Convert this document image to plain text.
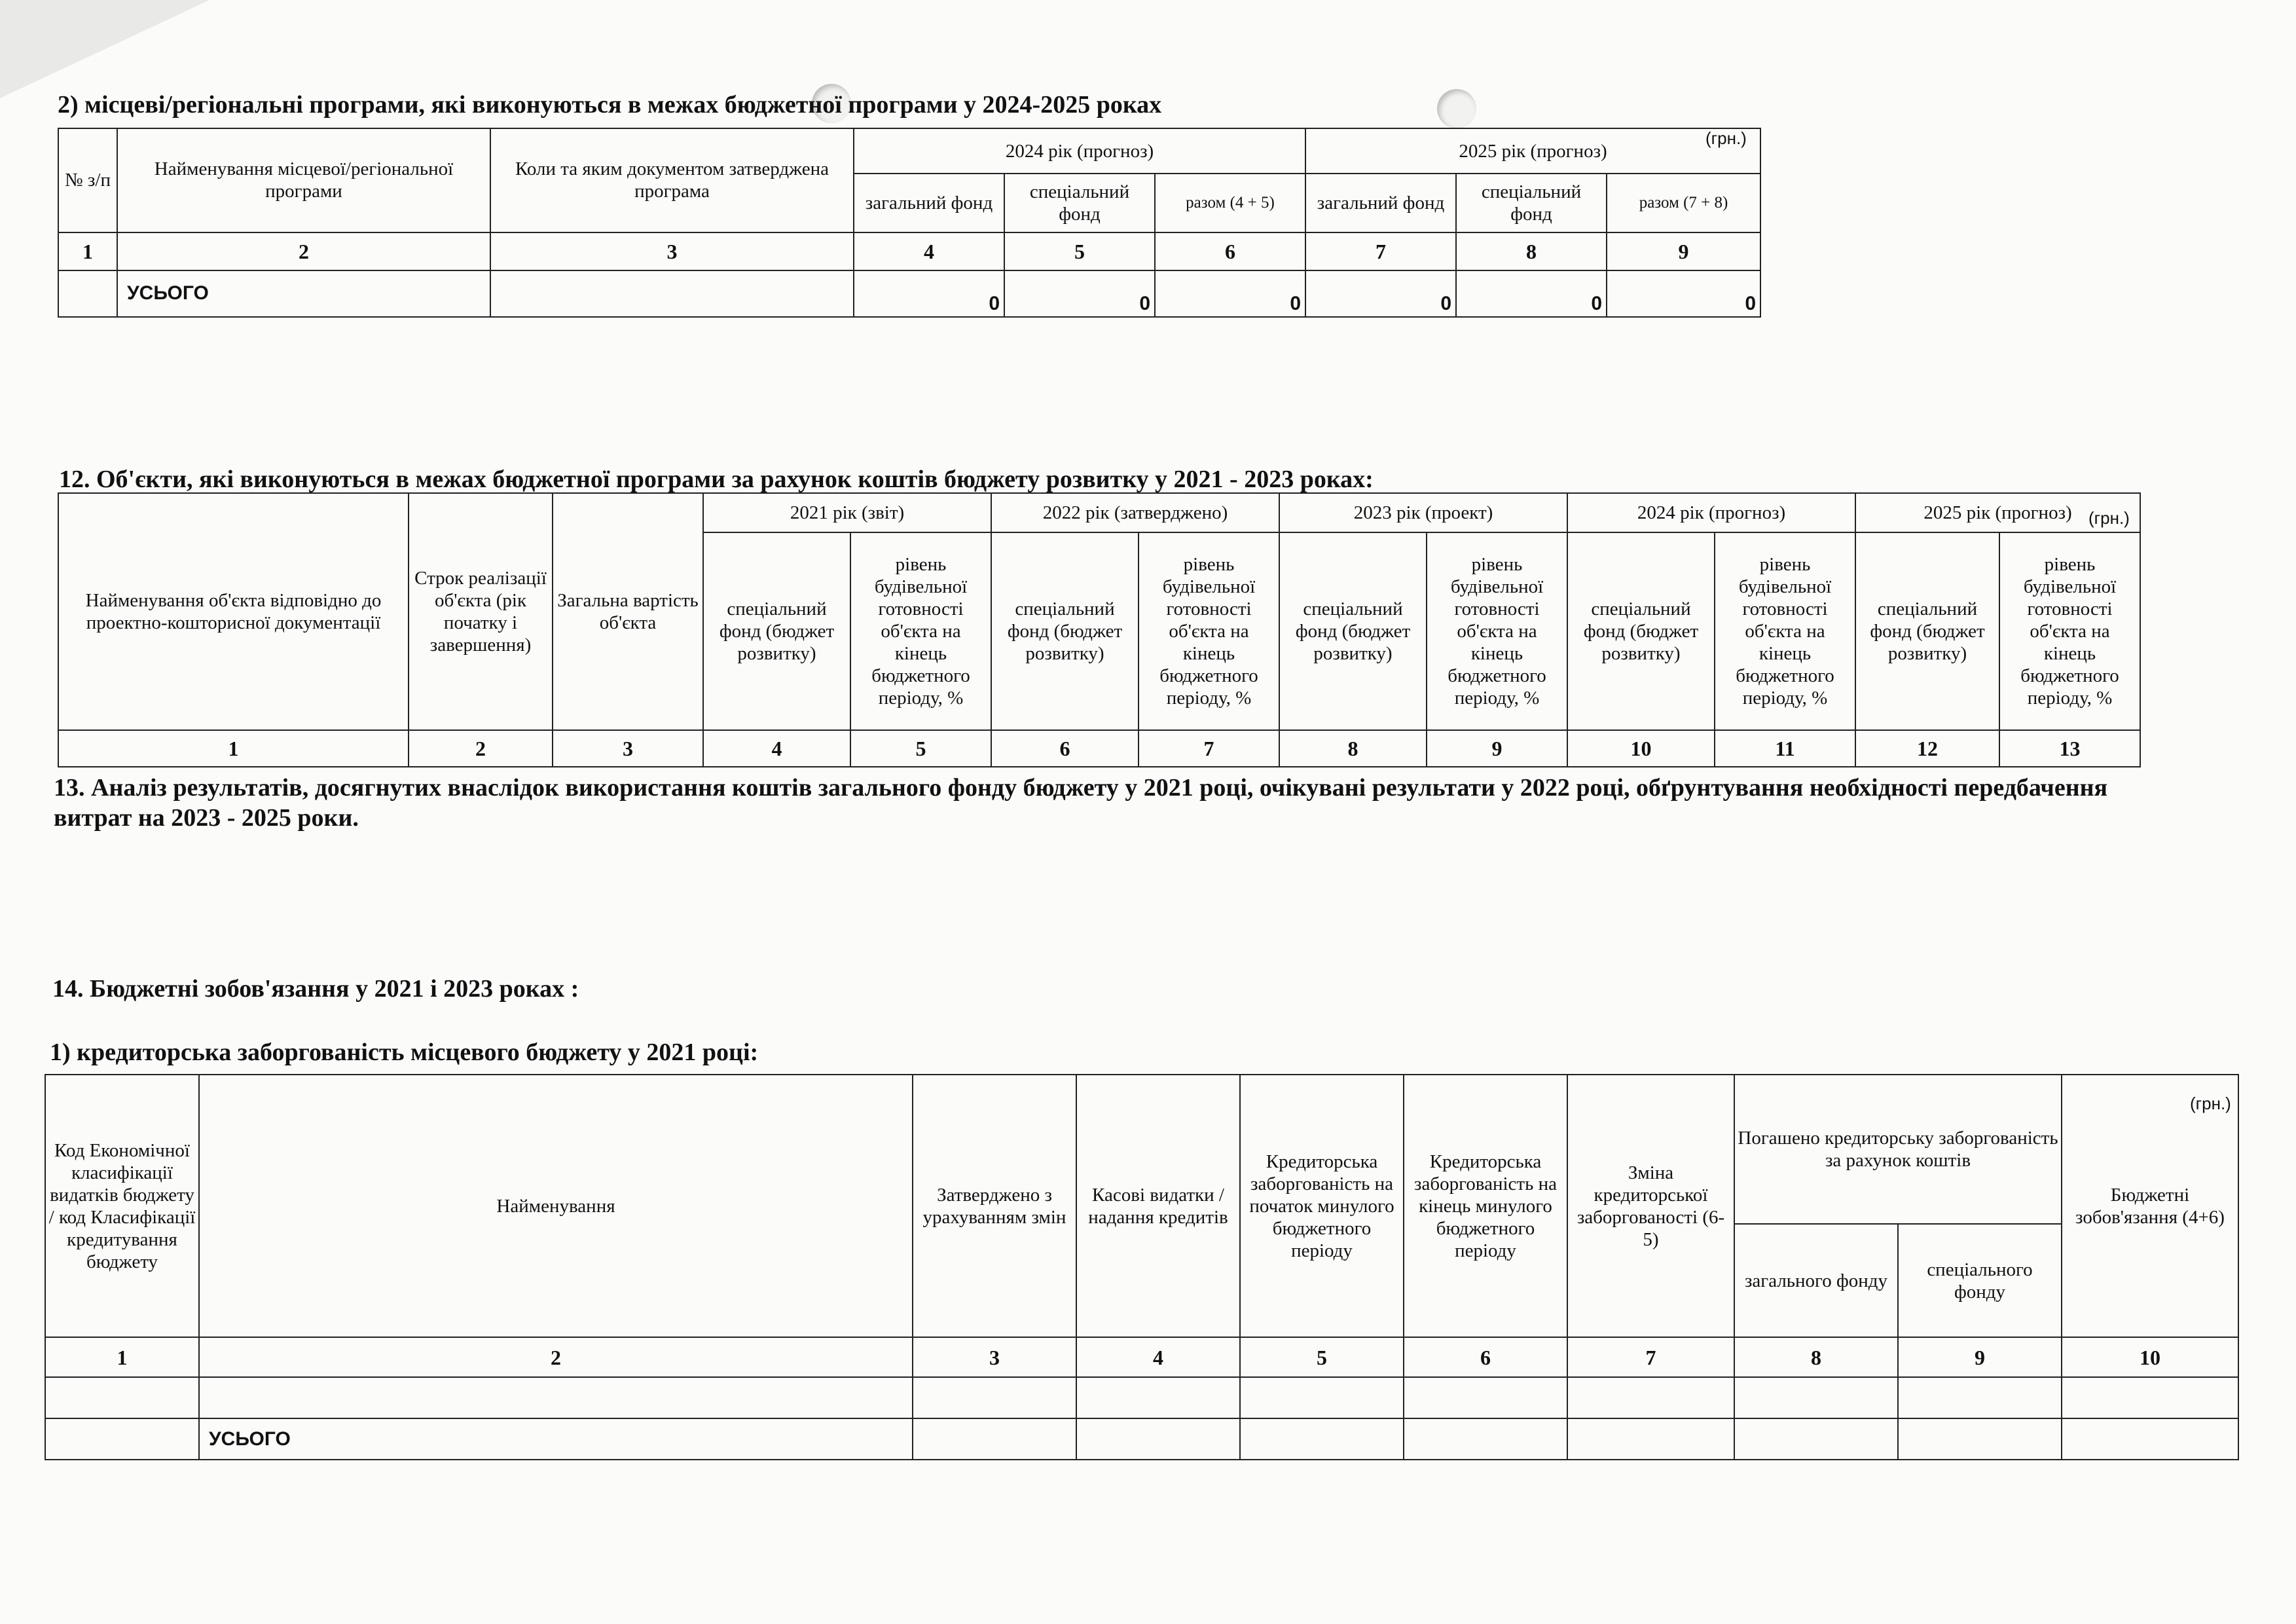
2) місцеві/регіональні програми, які виконуються в межах бюджетної програми у 2024-2025 роках
№ з/п	Найменування місцевої/регіональної програми	Коли та яким документом затверджена програма	2024 рік (прогноз)			2025 рік (прогноз)		
			загальний фонд	спеціальний фонд	разом (4 + 5)	загальний фонд	спеціальний фонд	разом (7 + 8)
1	2	3	4	5	6	7	8	9
	УСЬОГО		0	0	0	0	0	0
(грн.)
12. Об'єкти, які виконуються в межах бюджетної програми за рахунок коштів бюджету розвитку у 2021 - 2023 роках:
Найменування об'єкта відповідно до проектно-кошторисної документації	Строк реалізації об'єкта (рік початку і завершення)	Загальна вартість об'єкта	2021 рік (звіт)		2022 рік (затверджено)		2023 рік (проект)		2024 рік (прогноз)		2025 рік (прогноз)	
			спеціальний фонд (бюджет розвитку)	рівень будівельної готовності об'єкта на кінець бюджетного періоду, %	спеціальний фонд (бюджет розвитку)	рівень будівельної готовності об'єкта на кінець бюджетного періоду, %	спеціальний фонд (бюджет розвитку)	рівень будівельної готовності об'єкта на кінець бюджетного періоду, %	спеціальний фонд (бюджет розвитку)	рівень будівельної готовності об'єкта на кінець бюджетного періоду, %	спеціальний фонд (бюджет розвитку)	рівень будівельної готовності об'єкта на кінець бюджетного періоду, %
1	2	3	4	5	6	7	8	9	10	11	12	13
(грн.)
13. Аналіз результатів, досягнутих внаслідок використання коштів загального фонду бюджету у 2021 році, очікувані результати у 2022 році, обґрунтування необхідності передбачення витрат на 2023 - 2025 роки.
14. Бюджетні зобов'язання у 2021 і 2023 роках :
1) кредиторська заборгованість місцевого бюджету у 2021 році:
Код Економічної класифікації видатків бюджету / код Класифікації кредитування бюджету	Найменування	Затверджено з урахуванням змін	Касові видатки / надання кредитів	Кредиторська заборгованість на початок минулого бюджетного періоду	Кредиторська заборгованість на кінець минулого бюджетного періоду	Зміна кредиторської заборгованості (6-5)	Погашено кредиторську заборгованість за рахунок коштів		Бюджетні зобов'язання (4+6)
							загального фонду	спеціального фонду	
1	2	3	4	5	6	7	8	9	10

	УСЬОГО								
(грн.)
